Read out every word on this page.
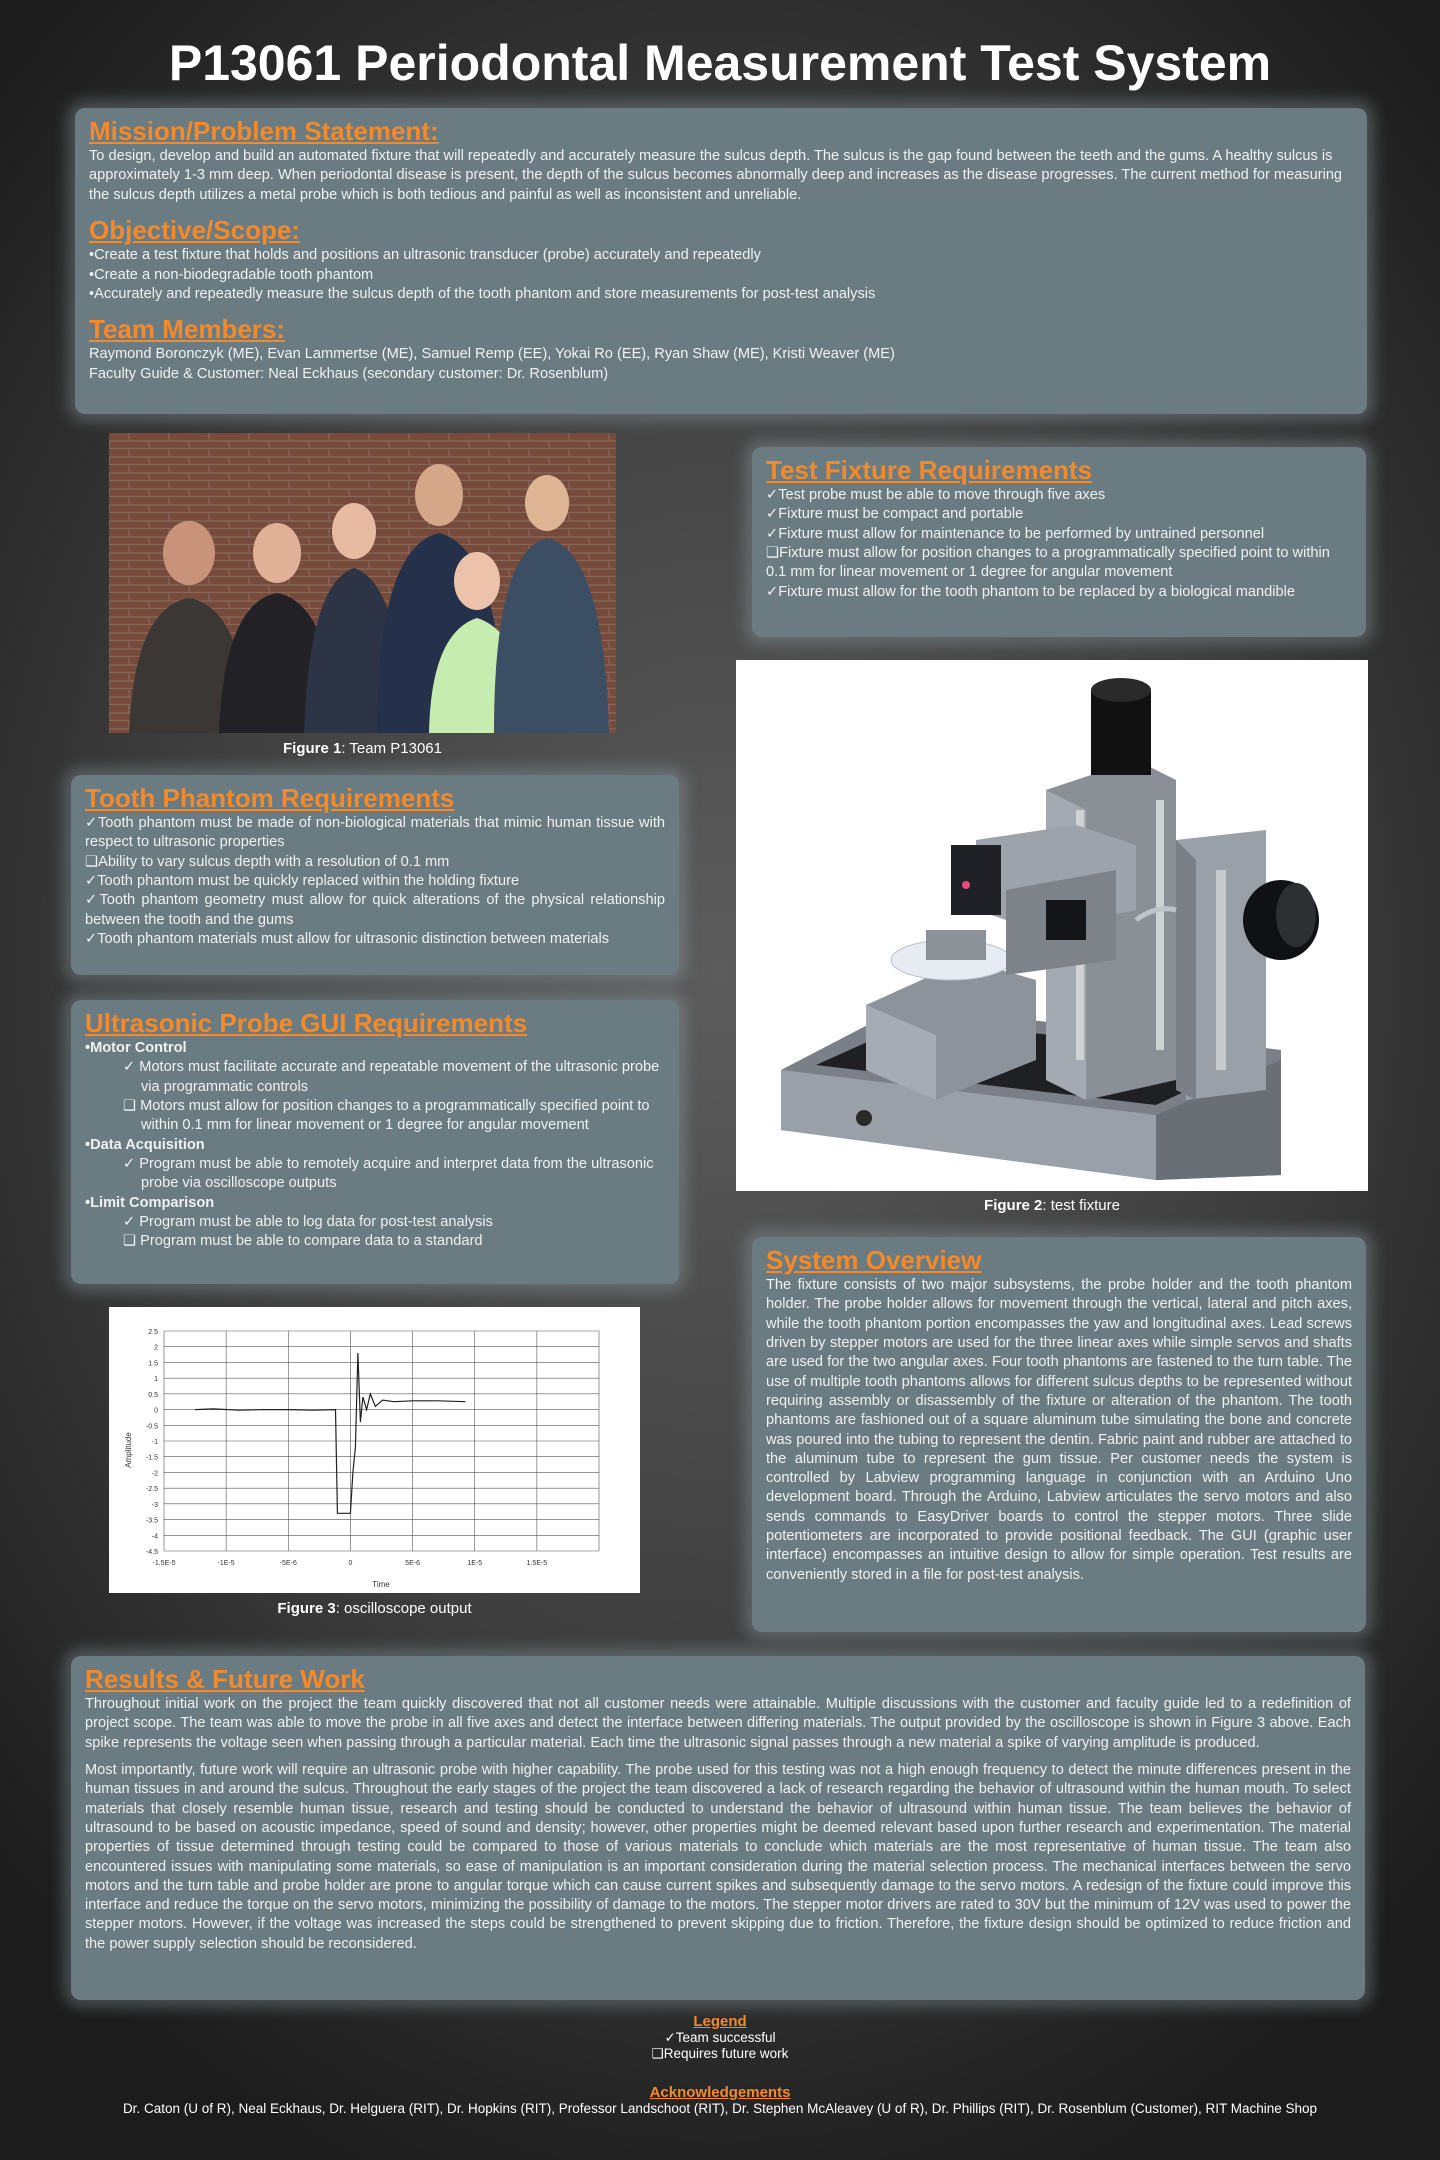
P13061 Periodontal Measurement Test System
Mission/Problem Statement:

To design, develop and build an automated fixture that will repeatedly and accurately measure the sulcus depth. The sulcus is the gap found between the teeth and the gums. A healthy sulcus is approximately 1-3 mm deep. When periodontal disease is present, the depth of the sulcus becomes abnormally deep and increases as the disease progresses. The current method for measuring the sulcus depth utilizes a metal probe which is both tedious and painful as well as inconsistent and unreliable.

Objective/Scope:
•Create a test fixture that holds and positions an ultrasonic transducer (probe) accurately and repeatedly
•Create a non-biodegradable tooth phantom
•Accurately and repeatedly measure the sulcus depth of the tooth phantom and store measurements for post-test analysis
Team Members:

Raymond Boronczyk (ME), Evan Lammertse (ME), Samuel Remp (EE), Yokai Ro (EE), Ryan Shaw (ME), Kristi Weaver (ME)

Faculty Guide & Customer: Neal Eckhaus (secondary customer: Dr. Rosenblum)

Figure 1: Team P13061
Test Fixture Requirements
✓Test probe must be able to move through five axes
✓Fixture must be compact and portable
✓Fixture must allow for maintenance to be performed by untrained personnel
❑Fixture must allow for position changes to a programmatically specified point to within 0.1 mm for linear movement or 1 degree for angular movement
✓Fixture must allow for the tooth phantom to be replaced by a biological mandible
Figure 2: test fixture
Tooth Phantom Requirements
✓Tooth phantom must be made of non-biological materials that mimic human tissue with respect to ultrasonic properties
❑Ability to vary sulcus depth with a resolution of 0.1 mm
✓Tooth phantom must be quickly replaced within the holding fixture
✓Tooth phantom geometry must allow for quick alterations of the physical relationship between the tooth and the gums
✓Tooth phantom materials must allow for ultrasonic distinction between materials
Ultrasonic Probe GUI Requirements
•Motor Control
✓ Motors must facilitate accurate and repeatable movement of the ultrasonic probe via programmatic controls
❑ Motors must allow for position changes to a programmatically specified point to within 0.1 mm for linear movement or 1 degree for angular movement
•Data Acquisition
✓ Program must be able to remotely acquire and interpret data from the ultrasonic probe via oscilloscope outputs
•Limit Comparison
✓ Program must be able to log data for post-test analysis
❑ Program must be able to compare data to a standard
2.5
2
1.5
1
0.5
0
-0.5
-1
-1.5
-2
-2.5
-3
-3.5
-4
-4.5
-1.5E-5	-1E-5	-5E-6	0	5E-6	1E-5	1.5E-5
Amplitude
Time
Figure 3: oscilloscope output
System Overview

The fixture consists of two major subsystems, the probe holder and the tooth phantom holder. The probe holder allows for movement through the vertical, lateral and pitch axes, while the tooth phantom portion encompasses the yaw and longitudinal axes. Lead screws driven by stepper motors are used for the three linear axes while simple servos and shafts are used for the two angular axes. Four tooth phantoms are fastened to the turn table. The use of multiple tooth phantoms allows for different sulcus depths to be represented without requiring assembly or disassembly of the fixture or alteration of the phantom. The tooth phantoms are fashioned out of a square aluminum tube simulating the bone and concrete was poured into the tubing to represent the dentin. Fabric paint and rubber are attached to the aluminum tube to represent the gum tissue. Per customer needs the system is controlled by Labview programming language in conjunction with an Arduino Uno development board. Through the Arduino, Labview articulates the servo motors and also sends commands to EasyDriver boards to control the stepper motors. Three slide potentiometers are incorporated to provide positional feedback. The GUI (graphic user interface) encompasses an intuitive design to allow for simple operation. Test results are conveniently stored in a file for post-test analysis.

Results & Future Work

Throughout initial work on the project the team quickly discovered that not all customer needs were attainable. Multiple discussions with the customer and faculty guide led to a redefinition of project scope. The team was able to move the probe in all five axes and detect the interface between differing materials. The output provided by the oscilloscope is shown in Figure 3 above. Each spike represents the voltage seen when passing through a particular material. Each time the ultrasonic signal passes through a new material a spike of varying amplitude is produced.

Most importantly, future work will require an ultrasonic probe with higher capability. The probe used for this testing was not a high enough frequency to detect the minute differences present in the human tissues in and around the sulcus. Throughout the early stages of the project the team discovered a lack of research regarding the behavior of ultrasound within the human mouth. To select materials that closely resemble human tissue, research and testing should be conducted to understand the behavior of ultrasound within human tissue. The team believes the behavior of ultrasound to be based on acoustic impedance, speed of sound and density; however, other properties might be deemed relevant based upon further research and experimentation. The material properties of tissue determined through testing could be compared to those of various materials to conclude which materials are the most representative of human tissue. The team also encountered issues with manipulating some materials, so ease of manipulation is an important consideration during the material selection process. The mechanical interfaces between the servo motors and the turn table and probe holder are prone to angular torque which can cause current spikes and subsequently damage to the servo motors. A redesign of the fixture could improve this interface and reduce the torque on the servo motors, minimizing the possibility of damage to the motors. The stepper motor drivers are rated to 30V but the minimum of 12V was used to power the stepper motors. However, if the voltage was increased the steps could be strengthened to prevent skipping due to friction. Therefore, the fixture design should be optimized to reduce friction and the power supply selection should be reconsidered.

Legend
✓Team successful
❑Requires future work
Acknowledgements
Dr. Caton (U of R), Neal Eckhaus, Dr. Helguera (RIT), Dr. Hopkins (RIT), Professor Landschoot (RIT), Dr. Stephen McAleavey (U of R), Dr. Phillips (RIT), Dr. Rosenblum (Customer), RIT Machine Shop
